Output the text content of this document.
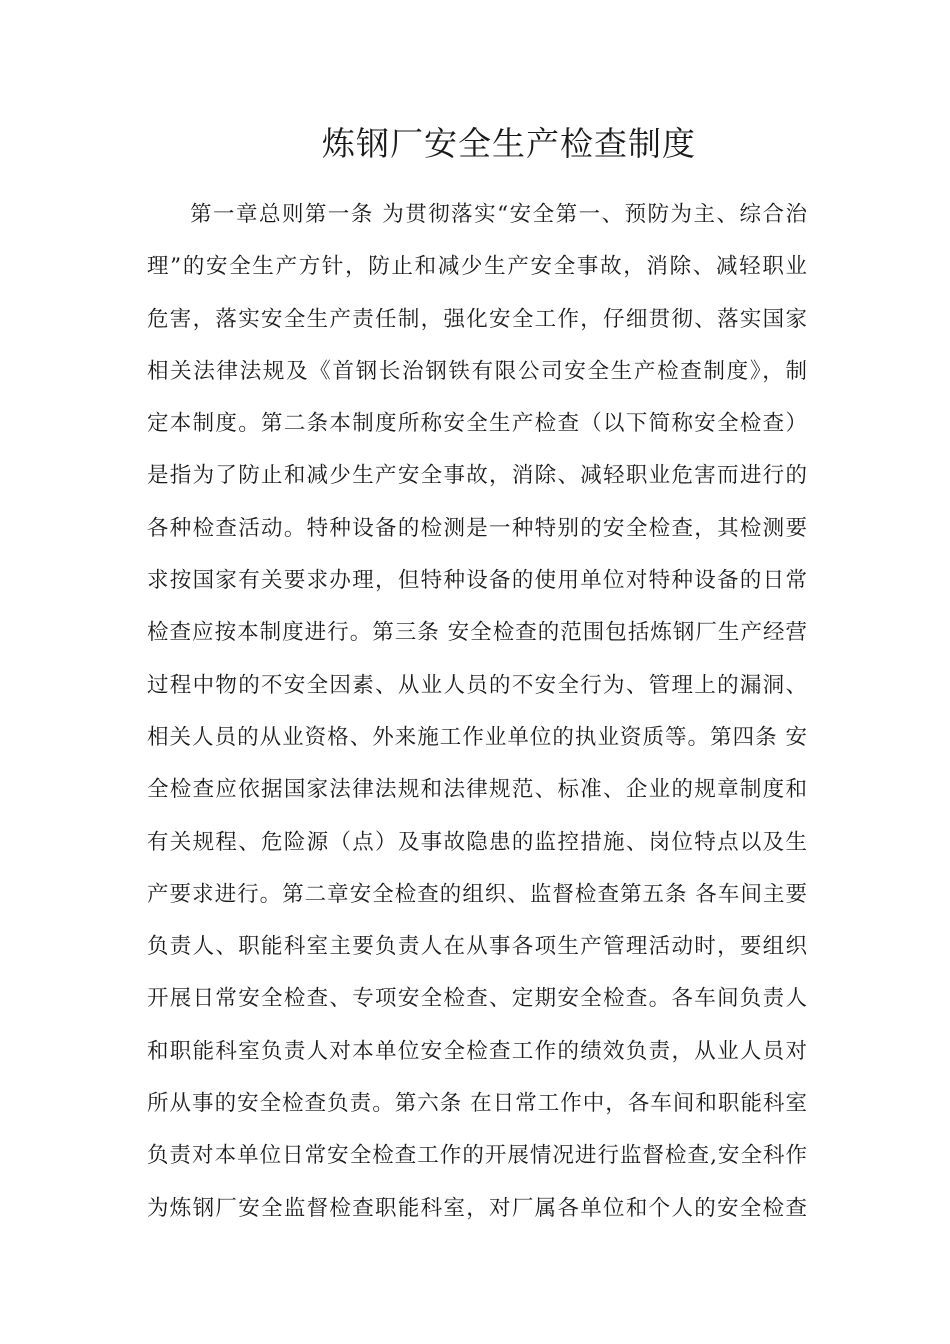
炼钢厂安全生产检查制度
第一章总则第一条 为贯彻落实“安全第一、预防为主、综合治
理”的安全生产方针，防止和减少生产安全事故，消除、减轻职业
危害，落实安全生产责任制，强化安全工作，仔细贯彻、落实国家
相关法律法规及《首钢长治钢铁有限公司安全生产检查制度》，制
定本制度。第二条本制度所称安全生产检查（以下简称安全检查）
是指为了防止和减少生产安全事故，消除、减轻职业危害而进行的
各种检查活动。特种设备的检测是一种特别的安全检查，其检测要
求按国家有关要求办理，但特种设备的使用单位对特种设备的日常
检查应按本制度进行。第三条 安全检查的范围包括炼钢厂生产经营
过程中物的不安全因素、从业人员的不安全行为、管理上的漏洞、
相关人员的从业资格、外来施工作业单位的执业资质等。第四条 安
全检查应依据国家法律法规和法律规范、标准、企业的规章制度和
有关规程、危险源（点）及事故隐患的监控措施、岗位特点以及生
产要求进行。第二章安全检查的组织、监督检查第五条 各车间主要
负责人、职能科室主要负责人在从事各项生产管理活动时，要组织
开展日常安全检查、专项安全检查、定期安全检查。各车间负责人
和职能科室负责人对本单位安全检查工作的绩效负责，从业人员对
所从事的安全检查负责。第六条 在日常工作中，各车间和职能科室
负责对本单位日常安全检查工作的开展情况进行监督检查,安全科作
为炼钢厂安全监督检查职能科室，对厂属各单位和个人的安全检查
